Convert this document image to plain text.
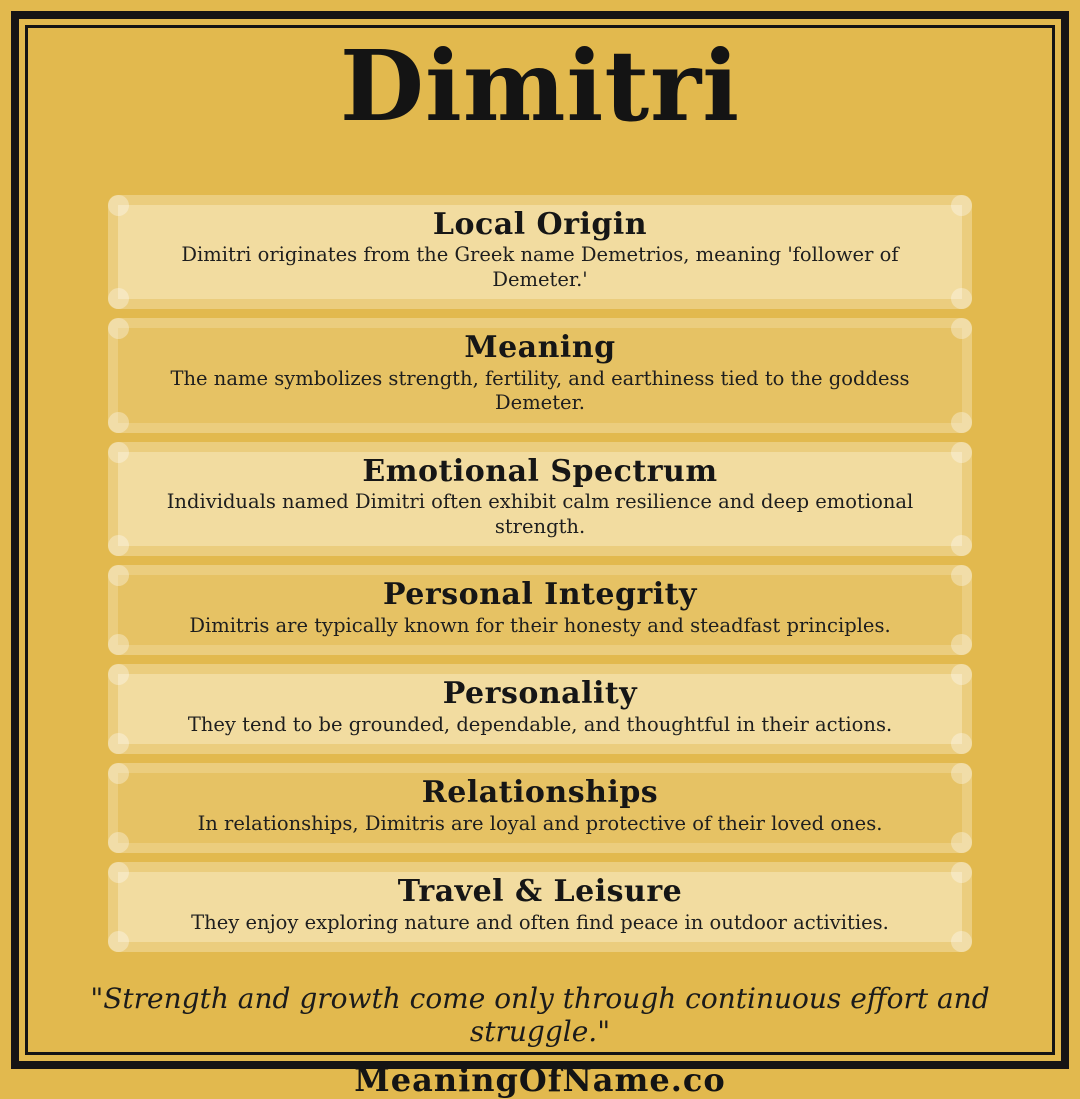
Dimitri
Local Origin

Dimitri originates from the Greek name Demetrios, meaning 'follower of Demeter.'

Meaning

The name symbolizes strength, fertility, and earthiness tied to the goddess Demeter.

Emotional Spectrum

Individuals named Dimitri often exhibit calm resilience and deep emotional strength.

Personal Integrity

Dimitris are typically known for their honesty and steadfast principles.

Personality

They tend to be grounded, dependable, and thoughtful in their actions.

Relationships

In relationships, Dimitris are loyal and protective of their loved ones.

Travel & Leisure

They enjoy exploring nature and often find peace in outdoor activities.

"Strength and growth come only through continuous effort and struggle."
MeaningOfName.co
